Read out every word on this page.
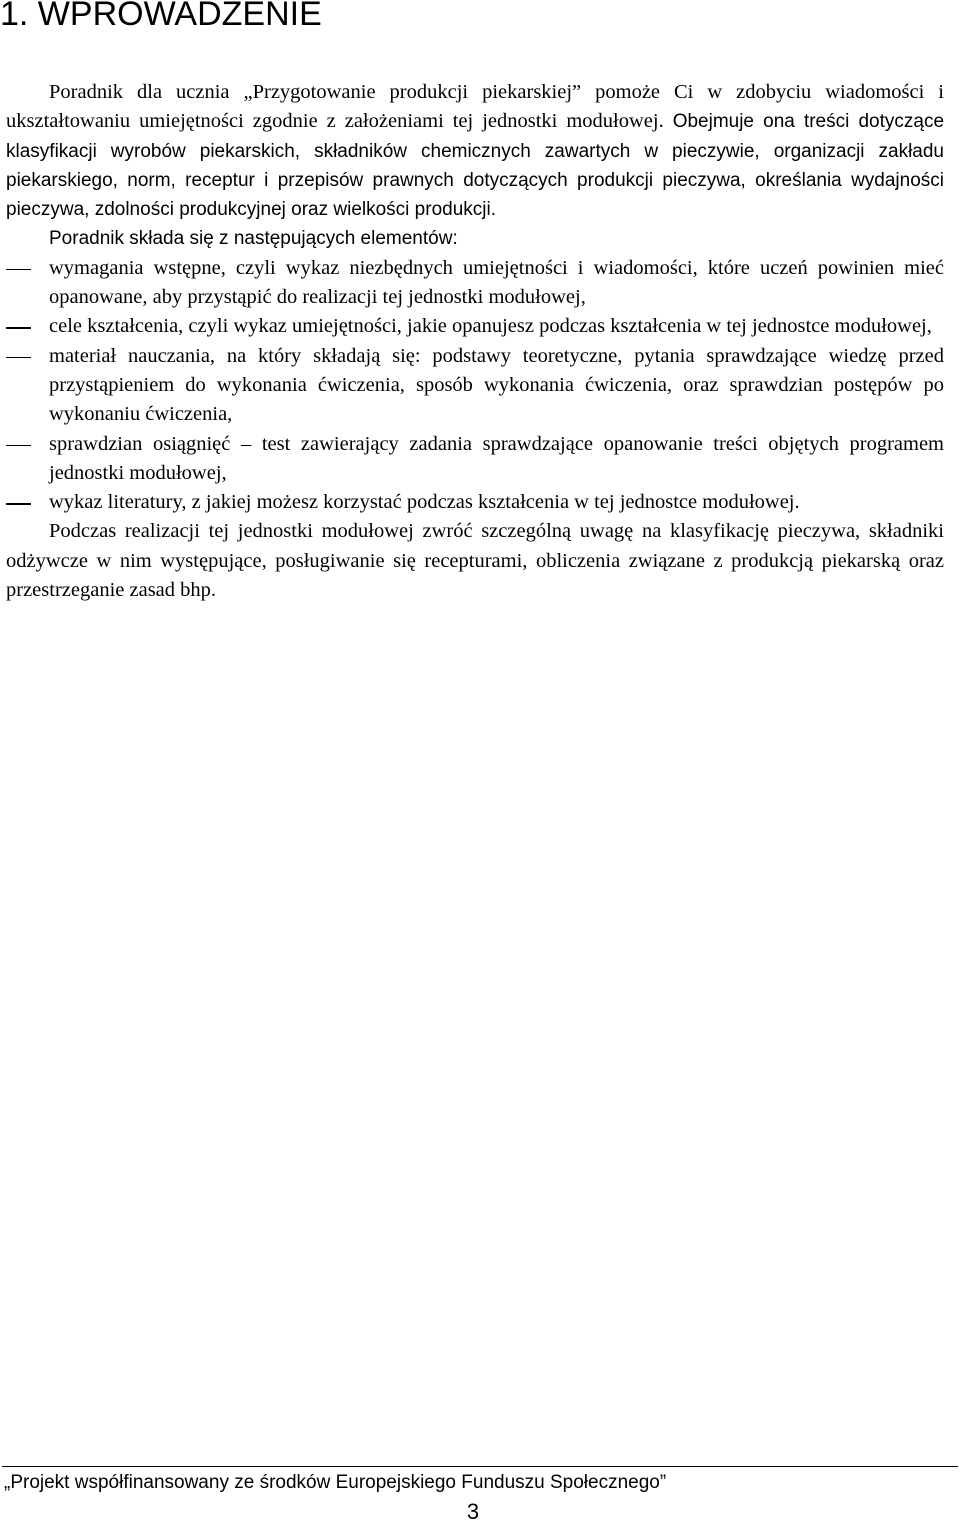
1. WPROWADZENIE

Poradnik dla ucznia „Przygotowanie produkcji piekarskiej” pomoże Ci w zdobyciu wiadomości i ukształtowaniu umiejętności zgodnie z założeniami tej jednostki modułowej. Obejmuje ona treści dotyczące klasyfikacji wyrobów piekarskich, składników chemicznych zawartych w pieczywie, organizacji zakładu piekarskiego, norm, receptur i przepisów prawnych dotyczących produkcji pieczywa, określania wydajności pieczywa, zdolności produkcyjnej oraz wielkości produkcji.

Poradnik składa się z następujących elementów:

wymagania wstępne, czyli wykaz niezbędnych umiejętności i wiadomości, które uczeń powinien mieć opanowane, aby przystąpić do realizacji tej jednostki modułowej,
cele kształcenia, czyli wykaz umiejętności, jakie opanujesz podczas kształcenia w tej jednostce modułowej,
materiał nauczania, na który składają się: podstawy teoretyczne, pytania sprawdzające wiedzę przed przystąpieniem do wykonania ćwiczenia, sposób wykonania ćwiczenia, oraz sprawdzian postępów po wykonaniu ćwiczenia,
sprawdzian osiągnięć – test zawierający zadania sprawdzające opanowanie treści objętych programem jednostki modułowej,
wykaz literatury, z jakiej możesz korzystać podczas kształcenia w tej jednostce modułowej.

Podczas realizacji tej jednostki modułowej zwróć szczególną uwagę na klasyfikację pieczywa, składniki odżywcze w nim występujące, posługiwanie się recepturami, obliczenia związane z produkcją piekarską oraz przestrzeganie zasad bhp.

„Projekt współfinansowany ze środków Europejskiego Funduszu Społecznego”
3
